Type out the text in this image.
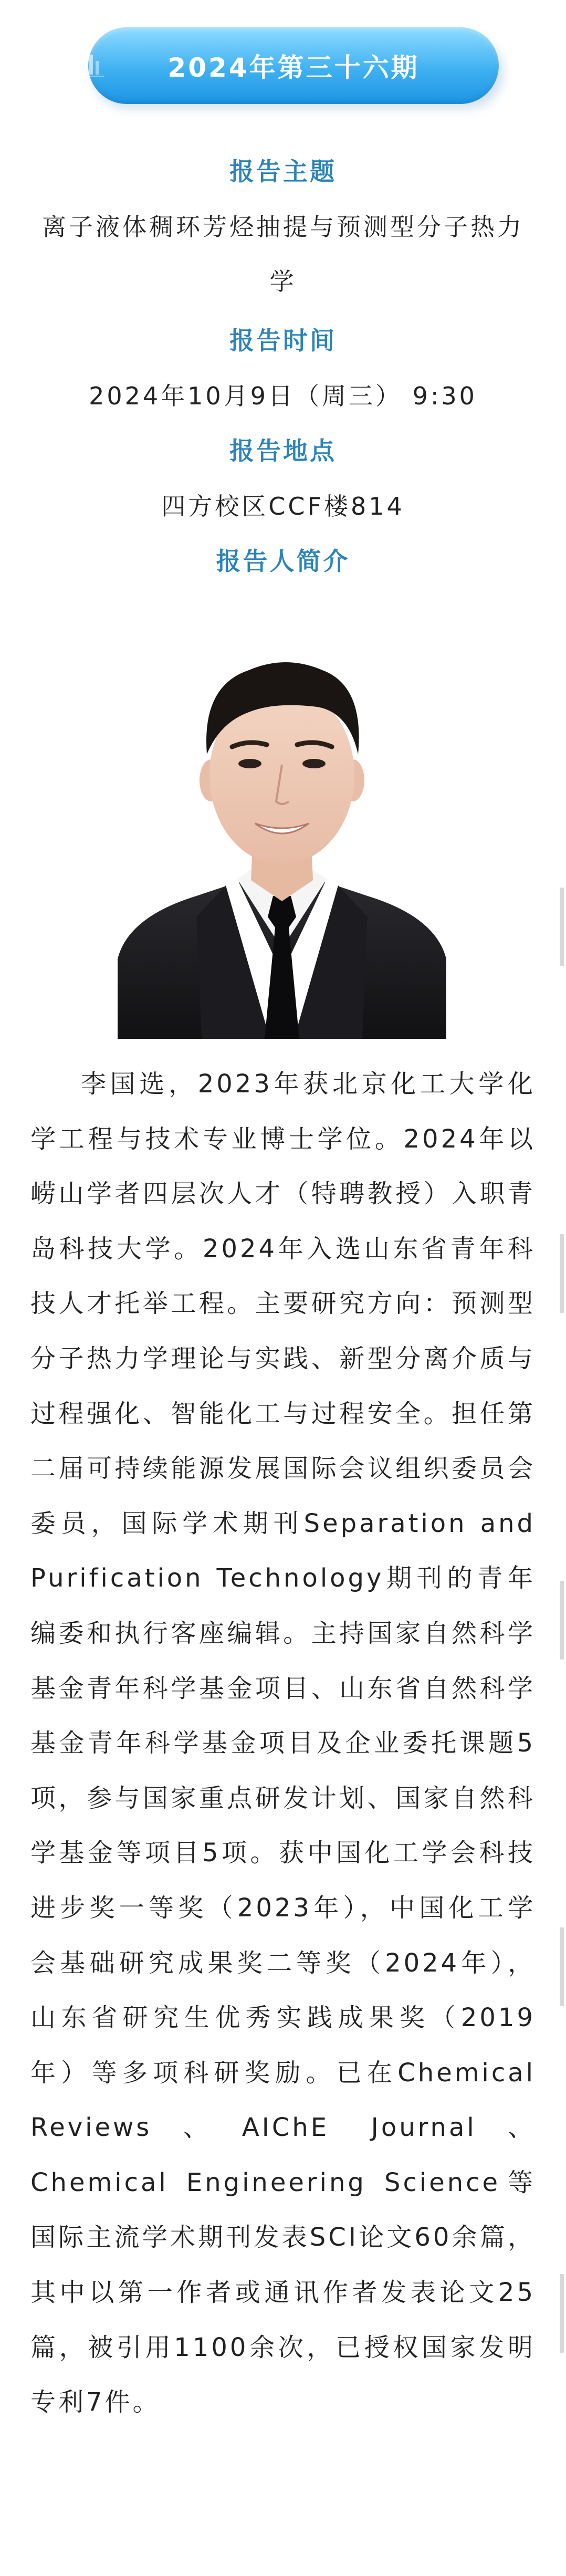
2024年第三十六期
报告主题
离子液体稠环芳烃抽提与预测型分子热力学
报告时间
2024年10月9日（周三） 9:30
报告地点
四方校区CCF楼814
报告人简介
李国选，2023年获北京化工大学化学工程与技术专业博士学位。2024年以崂山学者四层次人才（特聘教授）入职青岛科技大学。2024年入选山东省青年科技人才托举工程。主要研究方向：预测型分子热力学理论与实践、新型分离介质与过程强化、智能化工与过程安全。担任第二届可持续能源发展国际会议组织委员会委员，国际学术期刊Separation and Purification Technology期刊的青年编委和执行客座编辑。主持国家自然科学基金青年科学基金项目、山东省自然科学基金青年科学基金项目及企业委托课题5项，参与国家重点研发计划、国家自然科学基金等项目5项。获中国化工学会科技进步奖一等奖（2023年），中国化工学会基础研究成果奖二等奖（2024年），山东省研究生优秀实践成果奖（2019年）等多项科研奖励。已在Chemical Reviews、AIChE Journal、Chemical Engineering Science等国际主流学术期刊发表SCI论文60余篇，其中以第一作者或通讯作者发表论文25篇，被引用1100余次，已授权国家发明专利7件。
